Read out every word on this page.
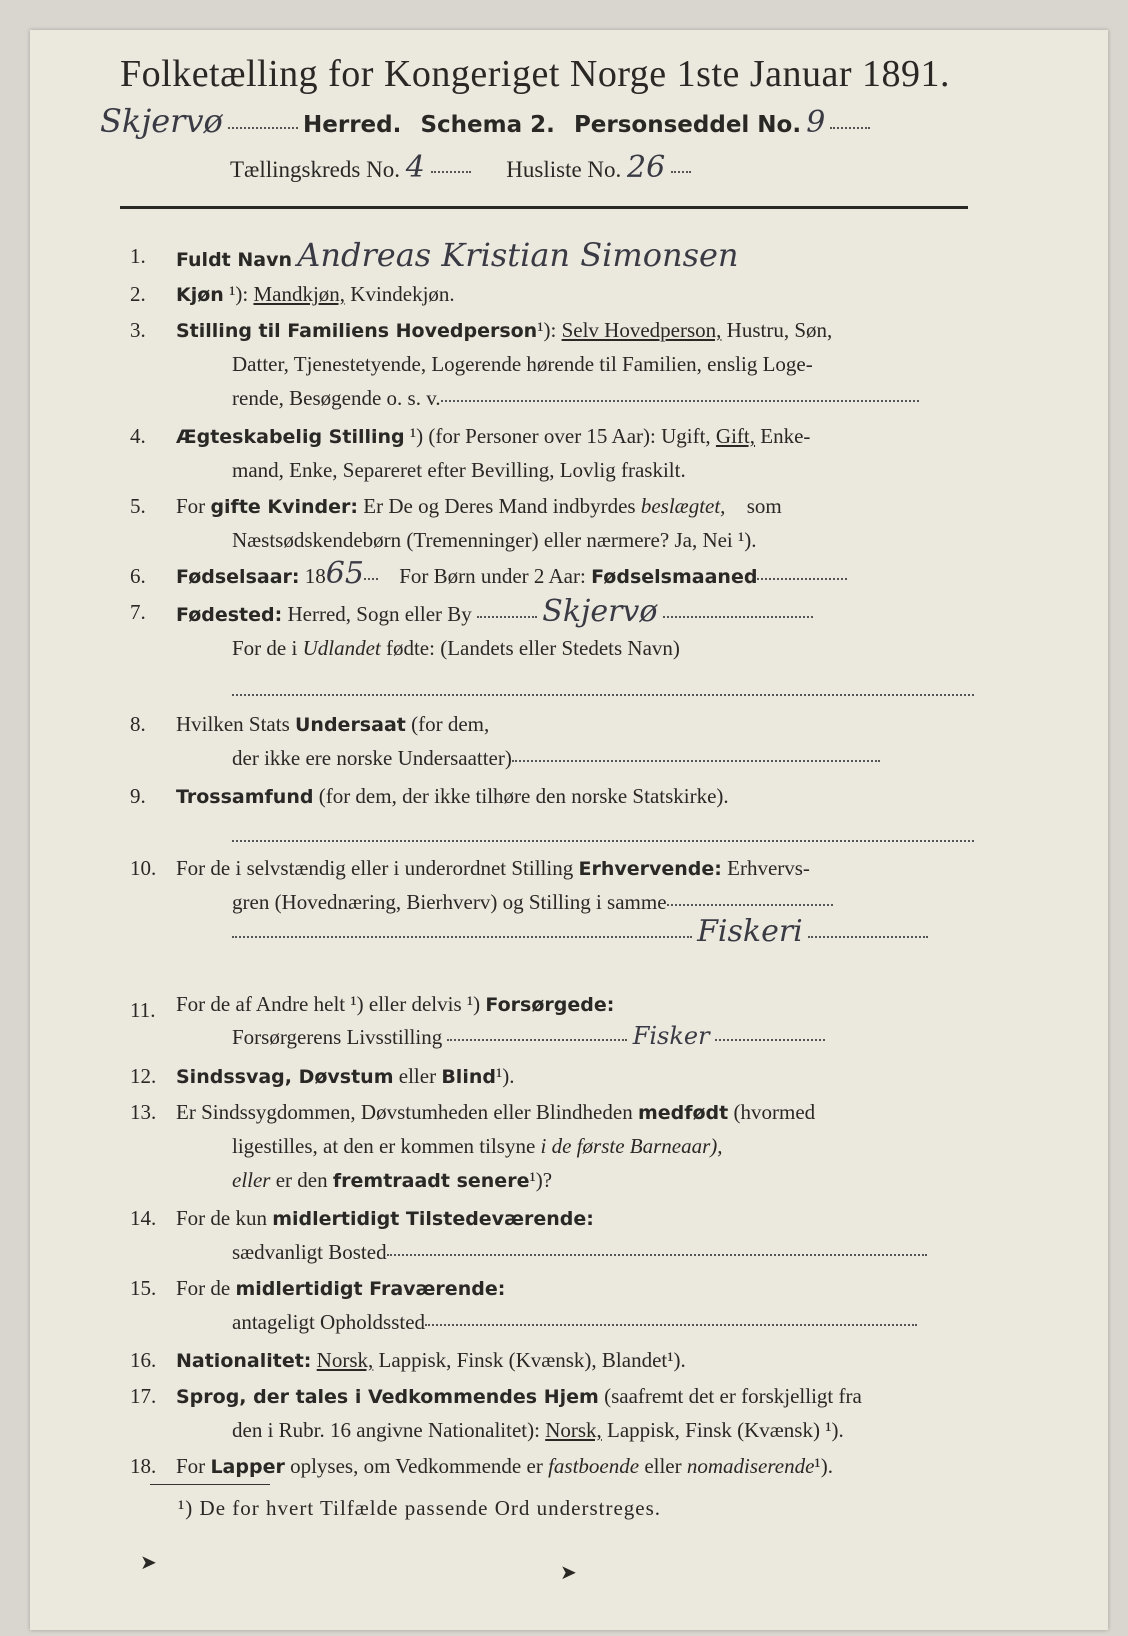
Folketælling for Kongeriget Norge 1ste Januar 1891.
Skjervø	Herred. Schema 2. Personseddel No. 9
Tællingskreds No. 4	Husliste No. 26
1. Fuldt Navn Andreas Kristian Simonsen
2. Kjøn ¹): Mandkjøn, Kvindekjøn.
3. Stilling til Familiens Hovedperson¹): Selv Hovedperson, Hustru, Søn,
Datter, Tjenestetyende, Logerende hørende til Familien, enslig Loge-
rende, Besøgende o. s. v.
4. Ægteskabelig Stilling ¹) (for Personer over 15 Aar): Ugift, Gift, Enke-
mand, Enke, Separeret efter Bevilling, Lovlig fraskilt.
5. For gifte Kvinder: Er De og Deres Mand indbyrdes beslægtet, som
Næstsødskendebørn (Tremenninger) eller nærmere? Ja, Nei ¹).
6. Fødselsaar: 1865 For Børn under 2 Aar: Fødselsmaaned
7. Fødested: Herred, Sogn eller By Skjervø
For de i Udlandet fødte: (Landets eller Stedets Navn)
8. Hvilken Stats Undersaat (for dem,
der ikke ere norske Undersaatter)
9. Trossamfund (for dem, der ikke tilhøre den norske Statskirke).
10. For de i selvstændig eller i underordnet Stilling Erhvervende: Erhvervs-
gren (Hovednæring, Bierhverv) og Stilling i samme
Fiskeri
11. For de af Andre helt ¹) eller delvis ¹) Forsørgede:
Forsørgerens Livsstilling	Fisker
12. Sindssvag, Døvstum eller Blind¹).
13. Er Sindssygdommen, Døvstumheden eller Blindheden medfødt (hvormed
ligestilles, at den er kommen tilsyne i de første Barneaar),
eller er den fremtraadt senere¹)?
14. For de kun midlertidigt Tilstedeværende:
sædvanligt Bosted
15. For de midlertidigt Fraværende:
antageligt Opholdssted
16. Nationalitet: Norsk, Lappisk, Finsk (Kvænsk), Blandet¹).
17. Sprog, der tales i Vedkommendes Hjem (saafremt det er forskjelligt fra
den i Rubr. 16 angivne Nationalitet): Norsk, Lappisk, Finsk (Kvænsk) ¹).
18. For Lapper oplyses, om Vedkommende er fastboende eller nomadiserende¹).
¹) De for hvert Tilfælde passende Ord understreges.
➤	➤
